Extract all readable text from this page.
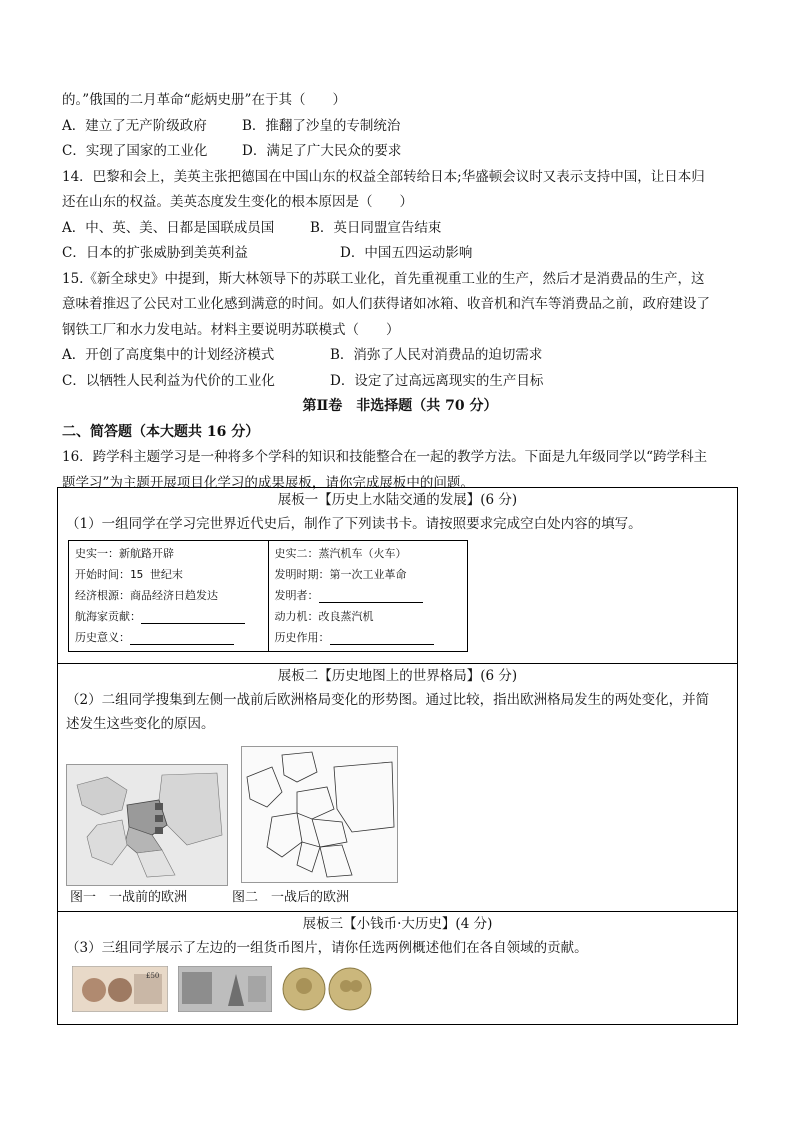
的。”俄国的二月革命“彪炳史册”在于其（　　）
A．建立了无产阶级政府	B．推翻了沙皇的专制统治
C．实现了国家的工业化	D．满足了广大民众的要求
14．巴黎和会上，美英主张把德国在中国山东的权益全部转给日本;华盛顿会议时又表示支持中国，让日本归
还在山东的权益。美英态度发生变化的根本原因是（　　）
A．中、英、美、日都是国联成员国	B．英日同盟宣告结束
C．日本的扩张威胁到美英利益	D．中国五四运动影响
15.《新全球史》中提到，斯大林领导下的苏联工业化，首先重视重工业的生产，然后才是消费品的生产，这
意味着推迟了公民对工业化感到满意的时间。如人们获得诸如冰箱、收音机和汽车等消费品之前，政府建设了
钢铁工厂和水力发电站。材料主要说明苏联模式（　　）
A．开创了高度集中的计划经济模式	B．消弥了人民对消费品的迫切需求
C．以牺牲人民利益为代价的工业化	D．设定了过高远离现实的生产目标
第Ⅱ卷　非选择题（共 70 分）
二、简答题（本大题共 16 分）
16．跨学科主题学习是一种将多个学科的知识和技能整合在一起的教学方法。下面是九年级同学以“跨学科主
题学习”为主题开展项目化学习的成果展板，请你完成展板中的问题。
展板一【历史上水陆交通的发展】(6 分)
（1）一组同学在学习完世界近代史后，制作了下列读书卡。请按照要求完成空白处内容的填写。
史实一：新航路开辟
开始时间：15 世纪末
经济根源：商品经济日趋发达
航海家贡献：
历史意义：
史实二：蒸汽机车（火车）
发明时期：第一次工业革命
发明者：
动力机：改良蒸汽机
历史作用：
展板二【历史地图上的世界格局】(6 分)
（2）二组同学搜集到左侧一战前后欧洲格局变化的形势图。通过比较，指出欧洲格局发生的两处变化，并简
述发生这些变化的原因。
图一　一战前的欧洲	图二　一战后的欧洲
展板三【小钱币·大历史】(4 分)
（3）三组同学展示了左边的一组货币图片，请你任选两例概述他们在各自领域的贡献。
£50
